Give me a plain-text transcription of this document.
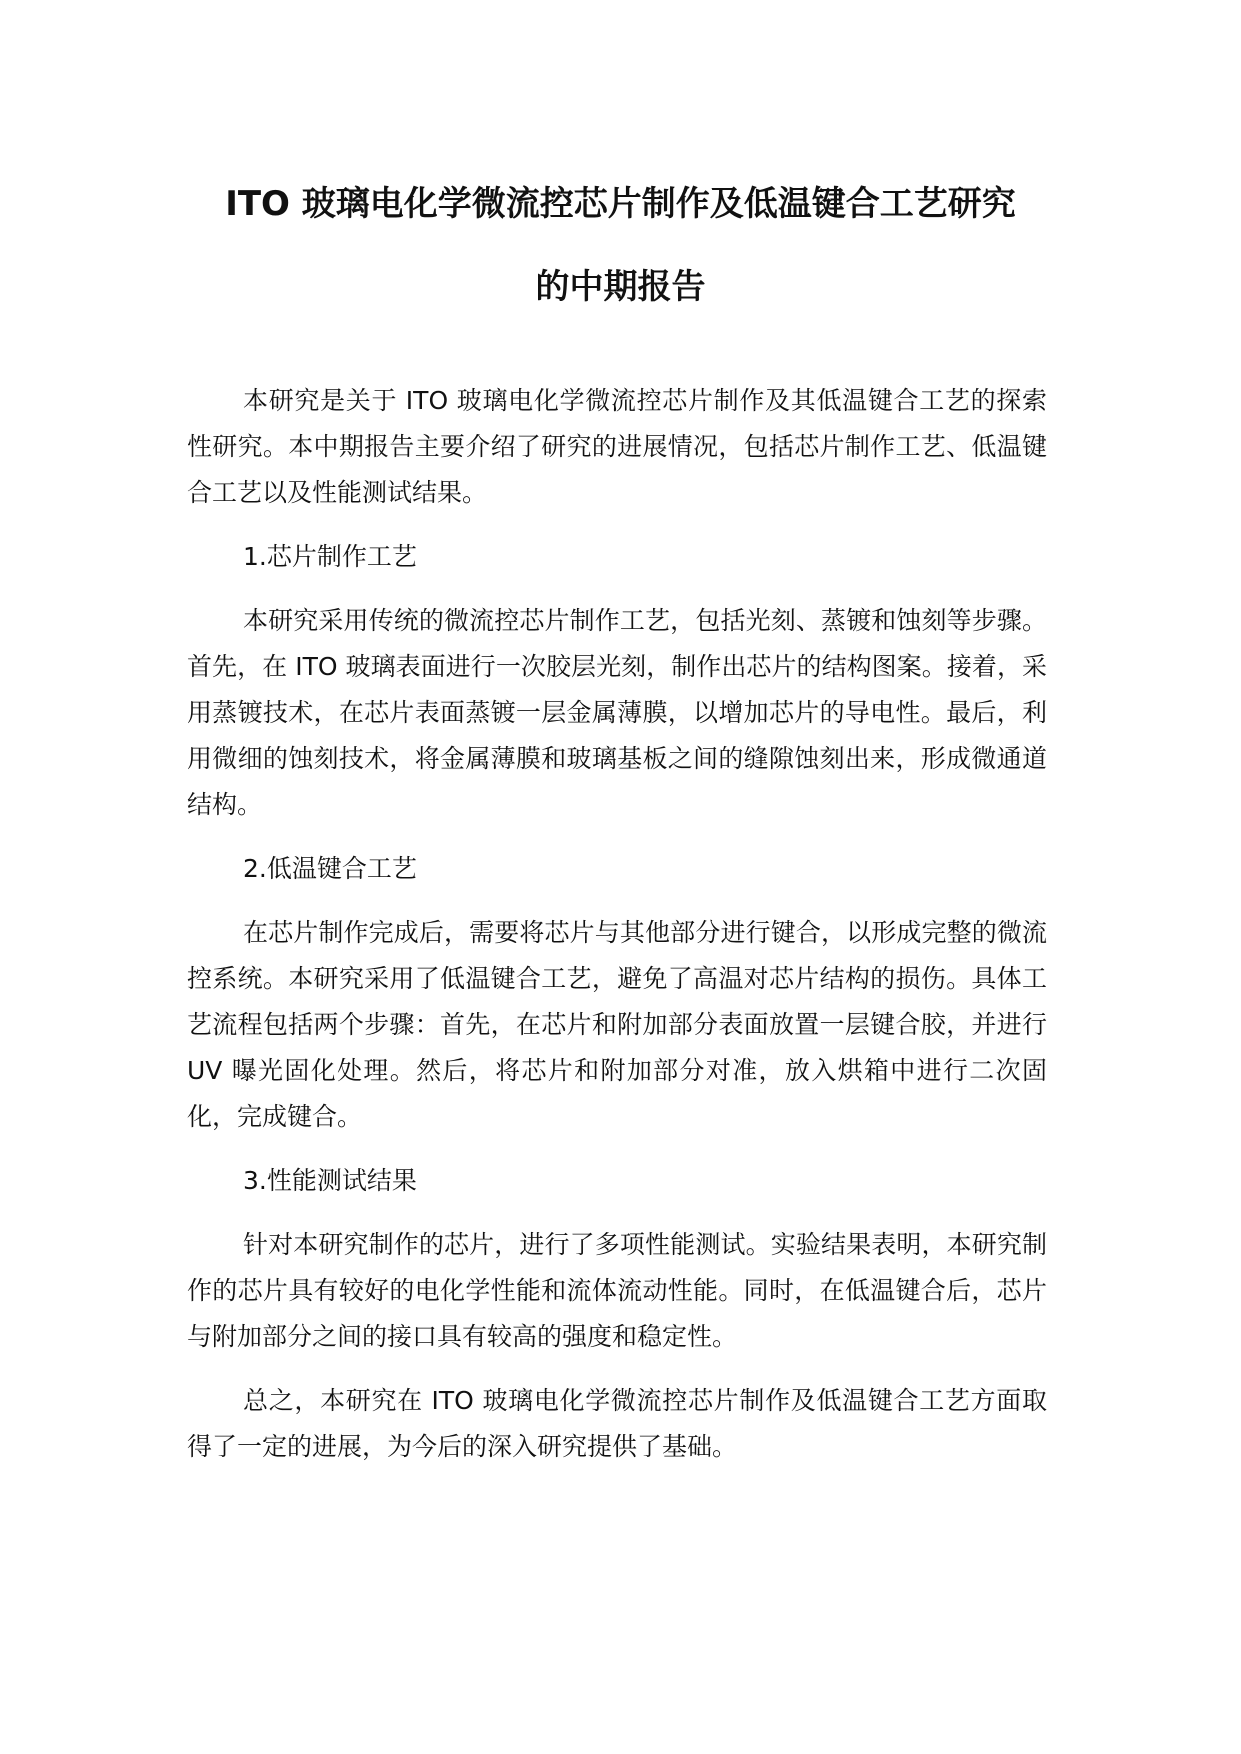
ITO 玻璃电化学微流控芯片制作及低温键合工艺研究
的中期报告

本研究是关于 ITO 玻璃电化学微流控芯片制作及其低温键合工艺的探索性研究。本中期报告主要介绍了研究的进展情况，包括芯片制作工艺、低温键合工艺以及性能测试结果。

1.芯片制作工艺

本研究采用传统的微流控芯片制作工艺，包括光刻、蒸镀和蚀刻等步骤。首先，在 ITO 玻璃表面进行一次胶层光刻，制作出芯片的结构图案。接着，采用蒸镀技术，在芯片表面蒸镀一层金属薄膜，以增加芯片的导电性。最后，利用微细的蚀刻技术，将金属薄膜和玻璃基板之间的缝隙蚀刻出来，形成微通道结构。

2.低温键合工艺

在芯片制作完成后，需要将芯片与其他部分进行键合，以形成完整的微流控系统。本研究采用了低温键合工艺，避免了高温对芯片结构的损伤。具体工艺流程包括两个步骤：首先，在芯片和附加部分表面放置一层键合胶，并进行 UV 曝光固化处理。然后，将芯片和附加部分对准，放入烘箱中进行二次固化，完成键合。

3.性能测试结果

针对本研究制作的芯片，进行了多项性能测试。实验结果表明，本研究制作的芯片具有较好的电化学性能和流体流动性能。同时，在低温键合后，芯片与附加部分之间的接口具有较高的强度和稳定性。

总之，本研究在 ITO 玻璃电化学微流控芯片制作及低温键合工艺方面取得了一定的进展，为今后的深入研究提供了基础。
